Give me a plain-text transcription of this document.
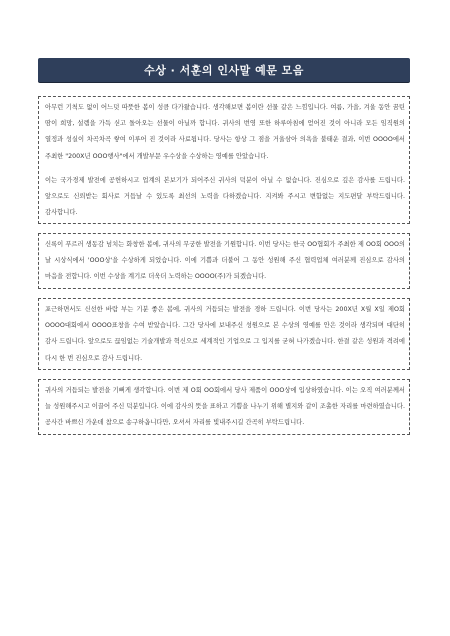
수상 · 서훈의 인사말 예문 모음

아무런 기척도 없이 어느덧 따뜻한 봄이 성큼 다가왔습니다. 생각해보면 봄이란 선물 같은 느낌입니다. 여름, 가을, 겨울 동안 꿈틴 땀이 희망, 설렘을 가득 싣고 돌아오는 선물이 아닐까 합니다. 귀사의 번영 또한 하루아침에 얻어진 것이 아니라 모든 임직원의 열정과 성실이 차곡차곡 쌓여 이루어 진 것이라 사료됩니다. 당사는 항상 그 점을 거울삼아 의욕을 불태운 결과, 이번 OOOO에서 주최한 "200X년 OOO행사"에서 개발부문 우수상을 수상하는 영예를 안았습니다.

이는 국가경제 발전에 공헌하시고 업계의 본보기가 되어주신 귀사의 덕분이 아닐 수 없습니다. 진심으로 깊은 감사를 드립니다. 앞으로도 신뢰받는 회사로 거듭날 수 있도록 최선의 노력을 다하겠습니다. 지켜봐 주시고 변함없는 지도편달 부탁드립니다. 감사합니다.

신록이 푸르러 생동감 넘치는 화창한 봄에, 귀사의 무궁한 발전을 기원합니다. 이번 당사는 한국 OO협회가 주최한 제 OO회 OOO의 날 시상식에서 'OOO상'을 수상하게 되었습니다. 이에 기쁨과 더불어 그 동안 성원해 주신 협력업체 여러분께 진심으로 감사의 마음을 전합니다. 이번 수상을 계기로 더욱더 노력하는 OOOO(주)가 되겠습니다.

포근하면서도 신선한 바람 부는 기분 좋은 봄에, 귀사의 거듭되는 발전을 경하 드립니다. 이번 당사는 200X년 X월 X일 제O회 OOOO대회에서 OOOO표창을 수여 받았습니다. 그간 당사에 보내주신 성원으로 본 수상의 영예를 안은 것이라 생각되며 대단히 감사 드립니다. 앞으로도 끊임없는 기술개발과 혁신으로 세계적인 기업으로 그 입지를 굳혀 나가겠습니다. 한결 같은 성원과 격려에 다시 한 번 진심으로 감사 드립니다.

귀사의 거듭되는 발전을 기뻐게 생각합니다. 이번 제 O회 OO회에서 당사 제품이 OOO상에 입상하였습니다. 이는 오직 여러분께서 늘 성원해주시고 이끌어 주신 덕분입니다. 이에 감사의 뜻을 표하고 기쁨을 나누기 위해 별지와 같이 조촐한 자리를 마련하였습니다. 공사간 바쁘신 가운데 참으로 송구하옵니다만, 오셔서 자리를 빛내주시길 간곡히 부탁드립니다.
